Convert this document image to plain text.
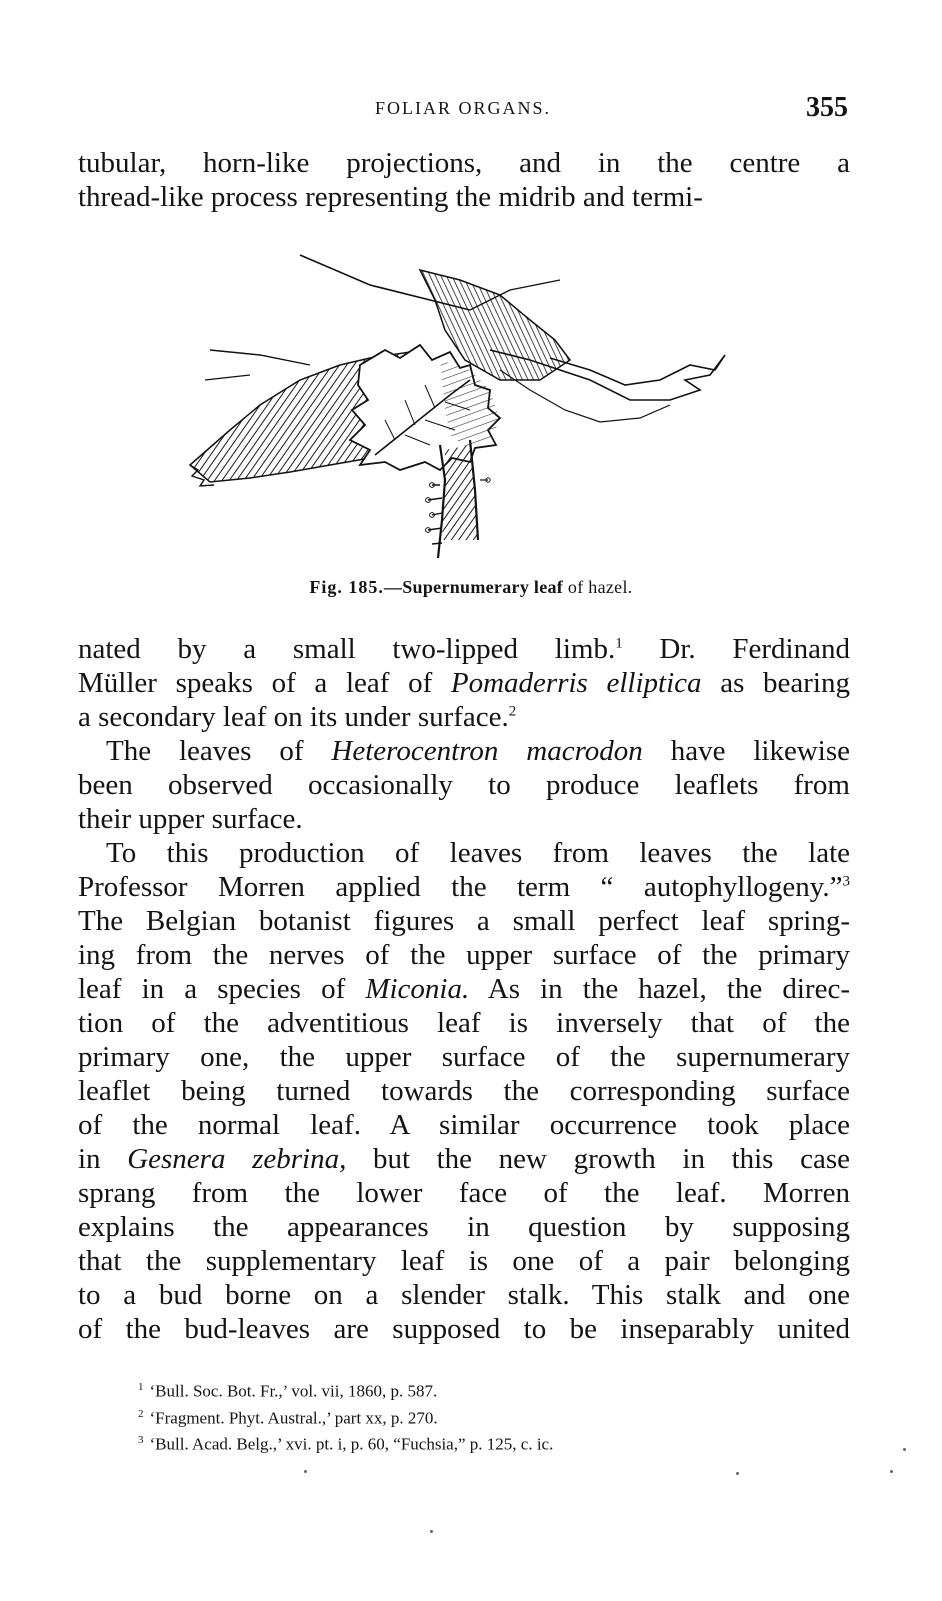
FOLIAR ORGANS.	355
tubular, horn-like projections, and in the centre a
thread-like process representing the midrib and termi-
Fig. 185.—Supernumerary leaf of hazel.
nated by a small two-lipped limb.$^1$ Dr. Ferdinand
Müller speaks of a leaf of Pomaderris elliptica as bearing
a secondary leaf on its under surface.$^2$
The leaves of Heterocentron macrodon have likewise
been observed occasionally to produce leaflets from
their upper surface.
To this production of leaves from leaves the late
Professor Morren applied the term “ autophyllogeny.”$^3$
The Belgian botanist figures a small perfect leaf spring-
ing from the nerves of the upper surface of the primary
leaf in a species of Miconia. As in the hazel, the direc-
tion of the adventitious leaf is inversely that of the
primary one, the upper surface of the supernumerary
leaflet being turned towards the corresponding surface
of the normal leaf. A similar occurrence took place
in Gesnera zebrina, but the new growth in this case
sprang from the lower face of the leaf. Morren
explains the appearances in question by supposing
that the supplementary leaf is one of a pair belonging
to a bud borne on a slender stalk. This stalk and one
of the bud-leaves are supposed to be inseparably united
$^1$ ‘Bull. Soc. Bot. Fr.,’ vol. vii, 1860, p. 587.
$^2$ ‘Fragment. Phyt. Austral.,’ part xx, p. 270.
$^3$ ‘Bull. Acad. Belg.,’ xvi. pt. i, p. 60, “Fuchsia,” p. 125, c. ic.
